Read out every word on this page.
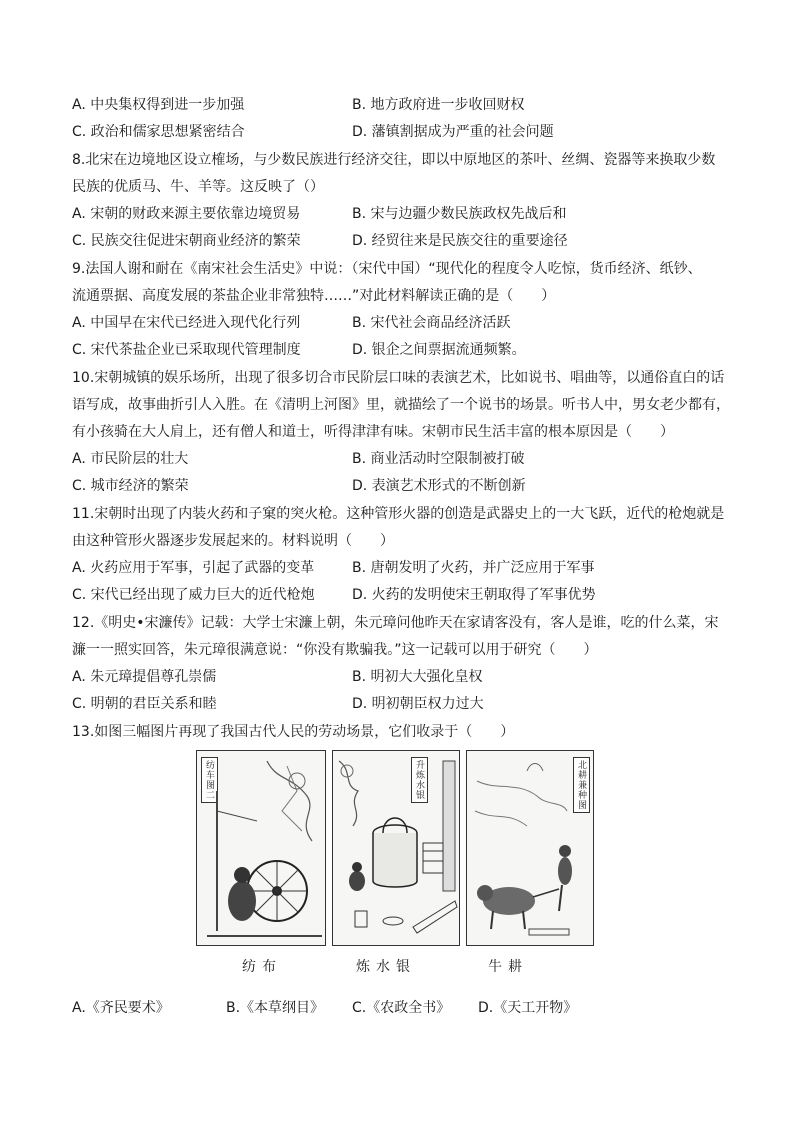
A. 中央集权得到进一步加强	B. 地方政府进一步收回财权
C. 政治和儒家思想紧密结合	D. 藩镇割据成为严重的社会问题
8.北宋在边境地区设立榷场，与少数民族进行经济交往，即以中原地区的茶叶、丝绸、瓷器等来换取少数
民族的优质马、牛、羊等。这反映了（）
A. 宋朝的财政来源主要依靠边境贸易	B. 宋与边疆少数民族政权先战后和
C. 民族交往促进宋朝商业经济的繁荣	D. 经贸往来是民族交往的重要途径
9.法国人谢和耐在《南宋社会生活史》中说：（宋代中国）“现代化的程度令人吃惊，货币经济、纸钞、
流通票据、高度发展的茶盐企业非常独特……”对此材料解读正确的是（　　）
A. 中国早在宋代已经进入现代化行列	B. 宋代社会商品经济活跃
C. 宋代茶盐企业已采取现代管理制度	D. 银企之间票据流通频繁。
10.宋朝城镇的娱乐场所，出现了很多切合市民阶层口味的表演艺术，比如说书、唱曲等，以通俗直白的话
语写成，故事曲折引人入胜。在《清明上河图》里，就描绘了一个说书的场景。听书人中，男女老少都有，
有小孩骑在大人肩上，还有僧人和道士，听得津津有味。宋朝市民生活丰富的根本原因是（　　）
A. 市民阶层的壮大	B. 商业活动时空限制被打破
C. 城市经济的繁荣	D. 表演艺术形式的不断创新
11.宋朝时出现了内装火药和子窠的突火枪。这种管形火器的创造是武器史上的一大飞跃，近代的枪炮就是
由这种管形火器逐步发展起来的。材料说明（　　）
A. 火药应用于军事，引起了武器的变革	B. 唐朝发明了火药，并广泛应用于军事
C. 宋代已经出现了威力巨大的近代枪炮	D. 火药的发明使宋王朝取得了军事优势
12.《明史•宋濂传》记载：大学士宋濂上朝，朱元璋问他昨天在家请客没有，客人是谁，吃的什么菜，宋
濂一一照实回答，朱元璋很满意说：“你没有欺骗我。”这一记载可以用于研究（　　）
A. 朱元璋提倡尊孔崇儒	B. 明初大大强化皇权
C. 明朝的君臣关系和睦	D. 明初朝臣权力过大
13.如图三幅图片再现了我国古代人民的劳动场景，它们收录于（　　）
纺车图二	升炼水银	北耕兼种图
纺布	炼水银	牛耕
A.《齐民要术》	B.《本草纲目》 C.《农政全书》 D.《天工开物》
